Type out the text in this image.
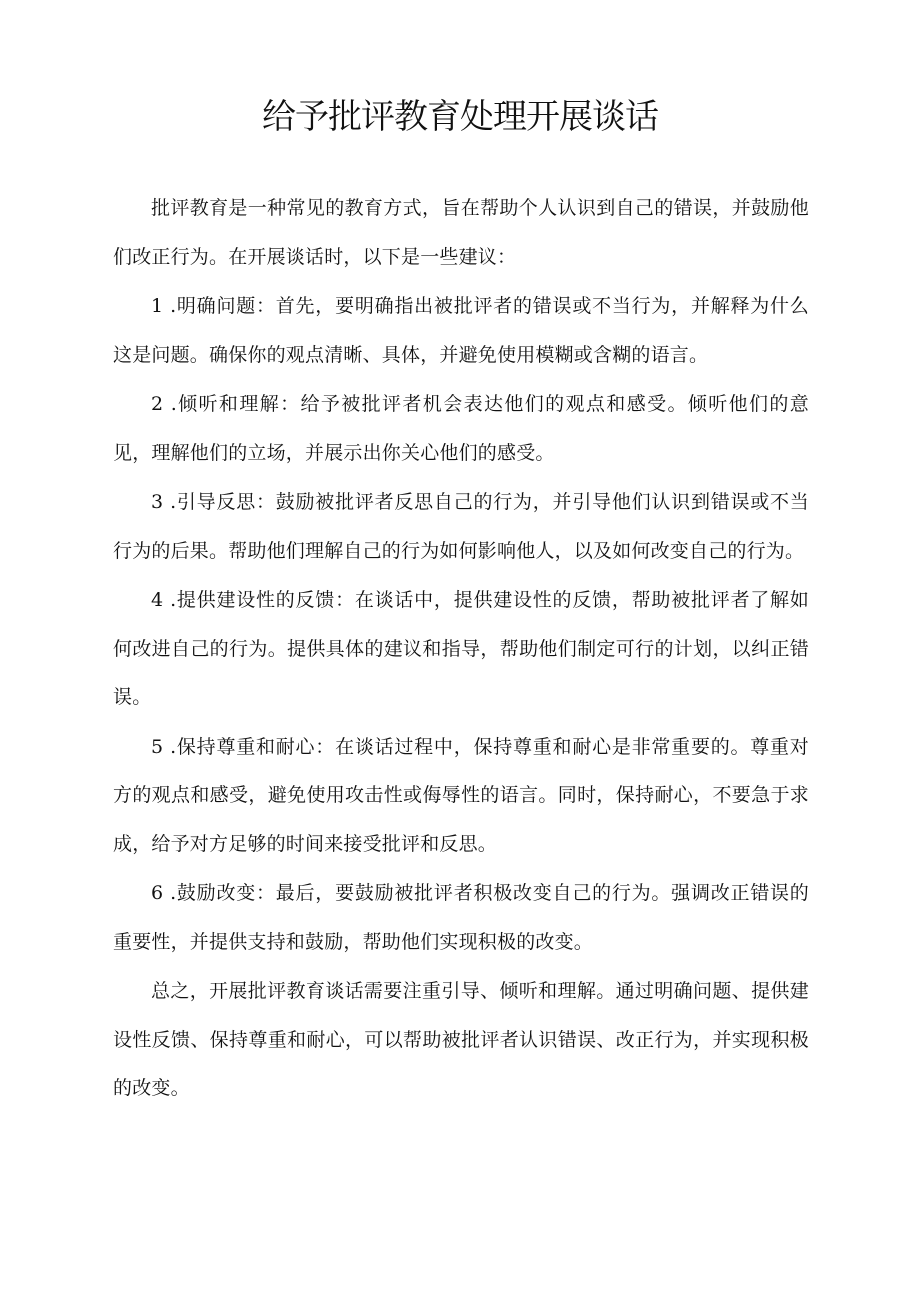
给予批评教育处理开展谈话

批评教育是一种常见的教育方式，旨在帮助个人认识到自己的错误，并鼓励他们改正行为。在开展谈话时，以下是一些建议：

1 .明确问题：首先，要明确指出被批评者的错误或不当行为，并解释为什么这是问题。确保你的观点清晰、具体，并避免使用模糊或含糊的语言。

2 .倾听和理解：给予被批评者机会表达他们的观点和感受。倾听他们的意见，理解他们的立场，并展示出你关心他们的感受。

3 .引导反思：鼓励被批评者反思自己的行为，并引导他们认识到错误或不当行为的后果。帮助他们理解自己的行为如何影响他人，以及如何改变自己的行为。

4 .提供建设性的反馈：在谈话中，提供建设性的反馈，帮助被批评者了解如何改进自己的行为。提供具体的建议和指导，帮助他们制定可行的计划，以纠正错误。

5 .保持尊重和耐心：在谈话过程中，保持尊重和耐心是非常重要的。尊重对方的观点和感受，避免使用攻击性或侮辱性的语言。同时，保持耐心，不要急于求成，给予对方足够的时间来接受批评和反思。

6 .鼓励改变：最后，要鼓励被批评者积极改变自己的行为。强调改正错误的重要性，并提供支持和鼓励，帮助他们实现积极的改变。

总之，开展批评教育谈话需要注重引导、倾听和理解。通过明确问题、提供建设性反馈、保持尊重和耐心，可以帮助被批评者认识错误、改正行为，并实现积极的改变。
